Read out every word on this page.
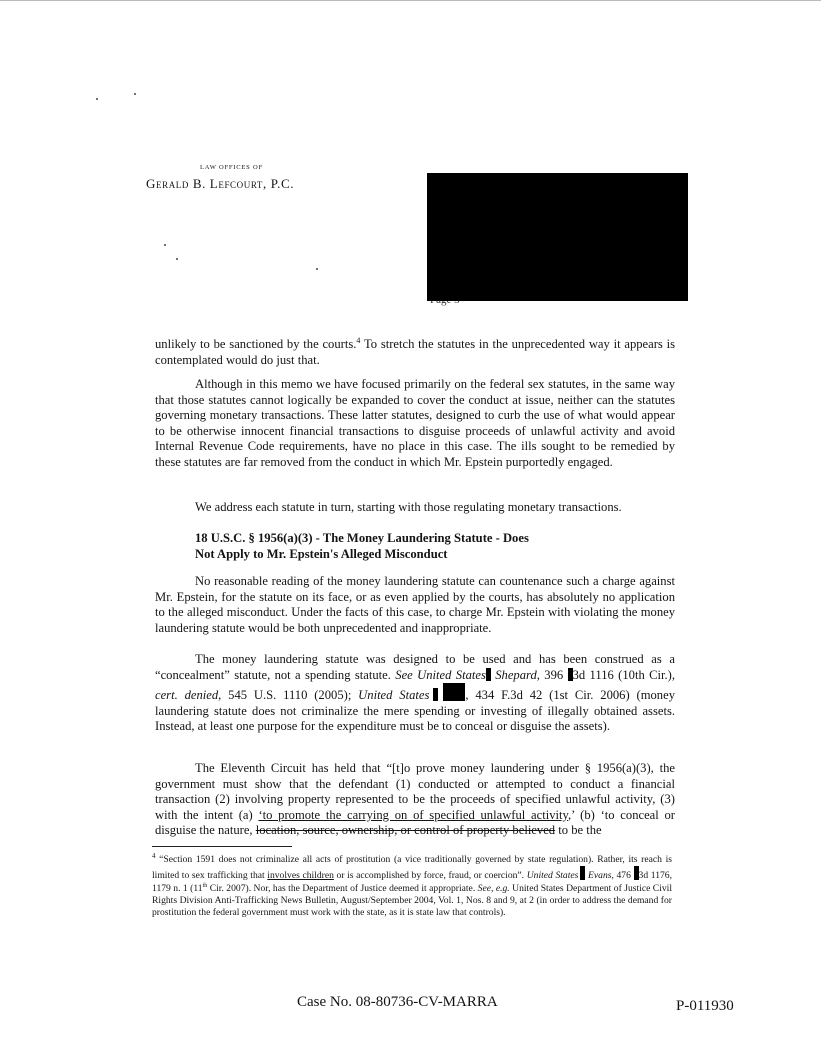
LAW OFFICES OF
Gerald B. Lefcourt, P.C.
unlikely to be sanctioned by the courts.$^4$ To stretch the statutes in the unprecedented way it appears is contemplated would do just that.
Although in this memo we have focused primarily on the federal sex statutes, in the same way that those statutes cannot logically be expanded to cover the conduct at issue, neither can the statutes governing monetary transactions. These latter statutes, designed to curb the use of what would appear to be otherwise innocent financial transactions to disguise proceeds of unlawful activity and avoid Internal Revenue Code requirements, have no place in this case. The ills sought to be remedied by these statutes are far removed from the conduct in which Mr. Epstein purportedly engaged.
We address each statute in turn, starting with those regulating monetary transactions.
18 U.S.C. § 1956(a)(3) - The Money Laundering Statute - Does
Not Apply to Mr. Epstein's Alleged Misconduct
No reasonable reading of the money laundering statute can countenance such a charge against Mr. Epstein, for the statute on its face, or as even applied by the courts, has absolutely no application to the alleged misconduct. Under the facts of this case, to charge Mr. Epstein with violating the money laundering statute would be both unprecedented and inappropriate.
The money laundering statute was designed to be used and has been construed as a “concealment” statute, not a spending statute. See United States Shepard, 396 3d 1116 (10th Cir.), cert. denied, 545 U.S. 1110 (2005); United States	, 434 F.3d 42 (1st Cir. 2006) (money laundering statute does not criminalize the mere spending or investing of illegally obtained assets. Instead, at least one purpose for the expenditure must be to conceal or disguise the assets).
The Eleventh Circuit has held that “[t]o prove money laundering under § 1956(a)(3), the government must show that the defendant (1) conducted or attempted to conduct a financial transaction (2) involving property represented to be the proceeds of specified unlawful activity, (3) with the intent (a) ‘to promote the carrying on of specified unlawful activity,’ (b) ‘to conceal or disguise the nature, location, source, ownership, or control of property believed to be the
$^4$ “Section 1591 does not criminalize all acts of prostitution (a vice traditionally governed by state regulation). Rather, its reach is limited to sex trafficking that involves children or is accomplished by force, fraud, or coercion”. United States Evans, 476 3d 1176, 1179 n. 1 (11th Cir. 2007). Nor, has the Department of Justice deemed it appropriate. See, e.g. United States Department of Justice Civil Rights Division Anti-Trafficking News Bulletin, August/September 2004, Vol. 1, Nos. 8 and 9, at 2 (in order to address the demand for prostitution the federal government must work with the state, as it is state law that controls).
Case No. 08-80736-CV-MARRA	P-011930
